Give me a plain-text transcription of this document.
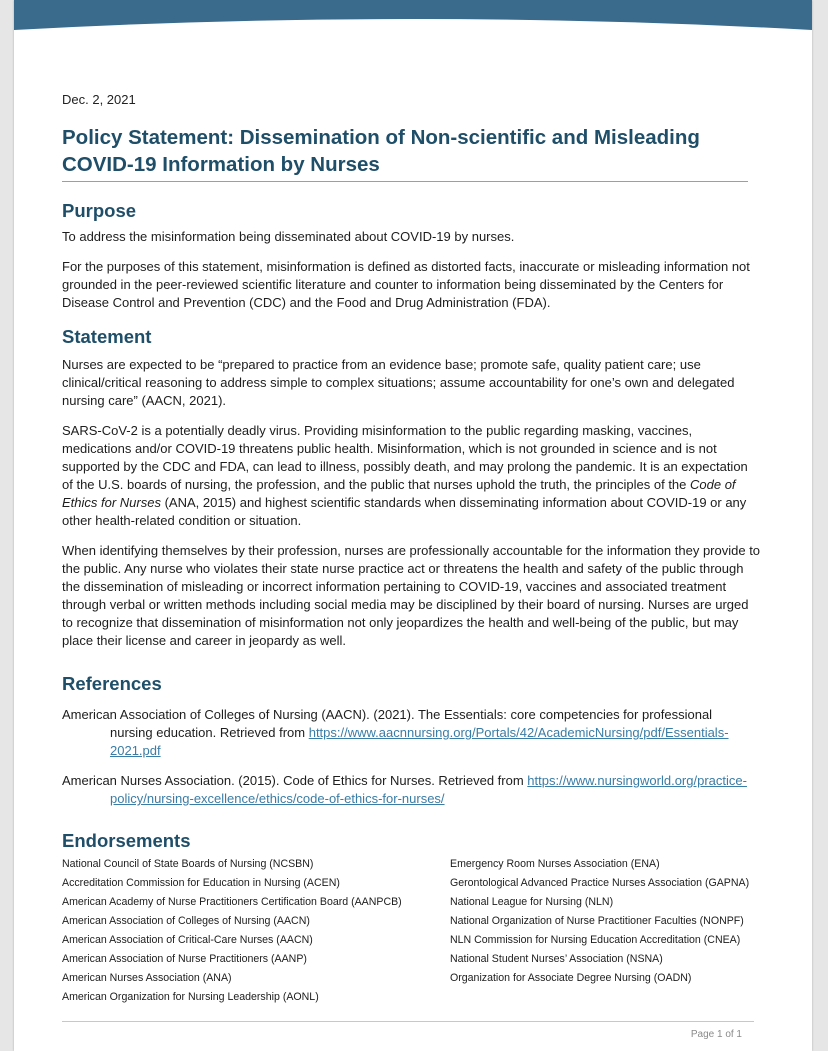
Dec. 2, 2021
Policy Statement: Dissemination of Non-scientific and Misleading COVID-19 Information by Nurses
Purpose

To address the misinformation being disseminated about COVID-19 by nurses.

For the purposes of this statement, misinformation is defined as distorted facts, inaccurate or misleading information not grounded in the peer-reviewed scientific literature and counter to information being disseminated by the Centers for Disease Control and Prevention (CDC) and the Food and Drug Administration (FDA).

Statement

Nurses are expected to be “prepared to practice from an evidence base; promote safe, quality patient care; use clinical/critical reasoning to address simple to complex situations; assume accountability for one’s own and delegated nursing care” (AACN, 2021).

SARS-CoV-2 is a potentially deadly virus. Providing misinformation to the public regarding masking, vaccines, medications and/or COVID-19 threatens public health. Misinformation, which is not grounded in science and is not supported by the CDC and FDA, can lead to illness, possibly death, and may prolong the pandemic. It is an expectation of the U.S. boards of nursing, the profession, and the public that nurses uphold the truth, the principles of the Code of Ethics for Nurses (ANA, 2015) and highest scientific standards when disseminating information about COVID-19 or any other health-related condition or situation.

When identifying themselves by their profession, nurses are professionally accountable for the information they provide to the public. Any nurse who violates their state nurse practice act or threatens the health and safety of the public through the dissemination of misleading or incorrect information pertaining to COVID-19, vaccines and associated treatment through verbal or written methods including social media may be disciplined by their board of nursing. Nurses are urged to recognize that dissemination of misinformation not only jeopardizes the health and well-being of the public, but may place their license and career in jeopardy as well.

References
American Association of Colleges of Nursing (AACN). (2021). The Essentials: core competencies for professional nursing education. Retrieved from https://www.aacnnursing.org/Portals/42/AcademicNursing/pdf/Essentials-2021.pdf
American Nurses Association. (2015). Code of Ethics for Nurses. Retrieved from https://www.nursingworld.org/practice-policy/nursing-excellence/ethics/code-of-ethics-for-nurses/
Endorsements
National Council of State Boards of Nursing (NCSBN)
Accreditation Commission for Education in Nursing (ACEN)
American Academy of Nurse Practitioners Certification Board (AANPCB)
American Association of Colleges of Nursing (AACN)
American Association of Critical-Care Nurses (AACN)
American Association of Nurse Practitioners (AANP)
American Nurses Association (ANA)
American Organization for Nursing Leadership (AONL)
Emergency Room Nurses Association (ENA)
Gerontological Advanced Practice Nurses Association (GAPNA)
National League for Nursing (NLN)
National Organization of Nurse Practitioner Faculties (NONPF)
NLN Commission for Nursing Education Accreditation (CNEA)
National Student Nurses’ Association (NSNA)
Organization for Associate Degree Nursing (OADN)
Page 1 of 1
